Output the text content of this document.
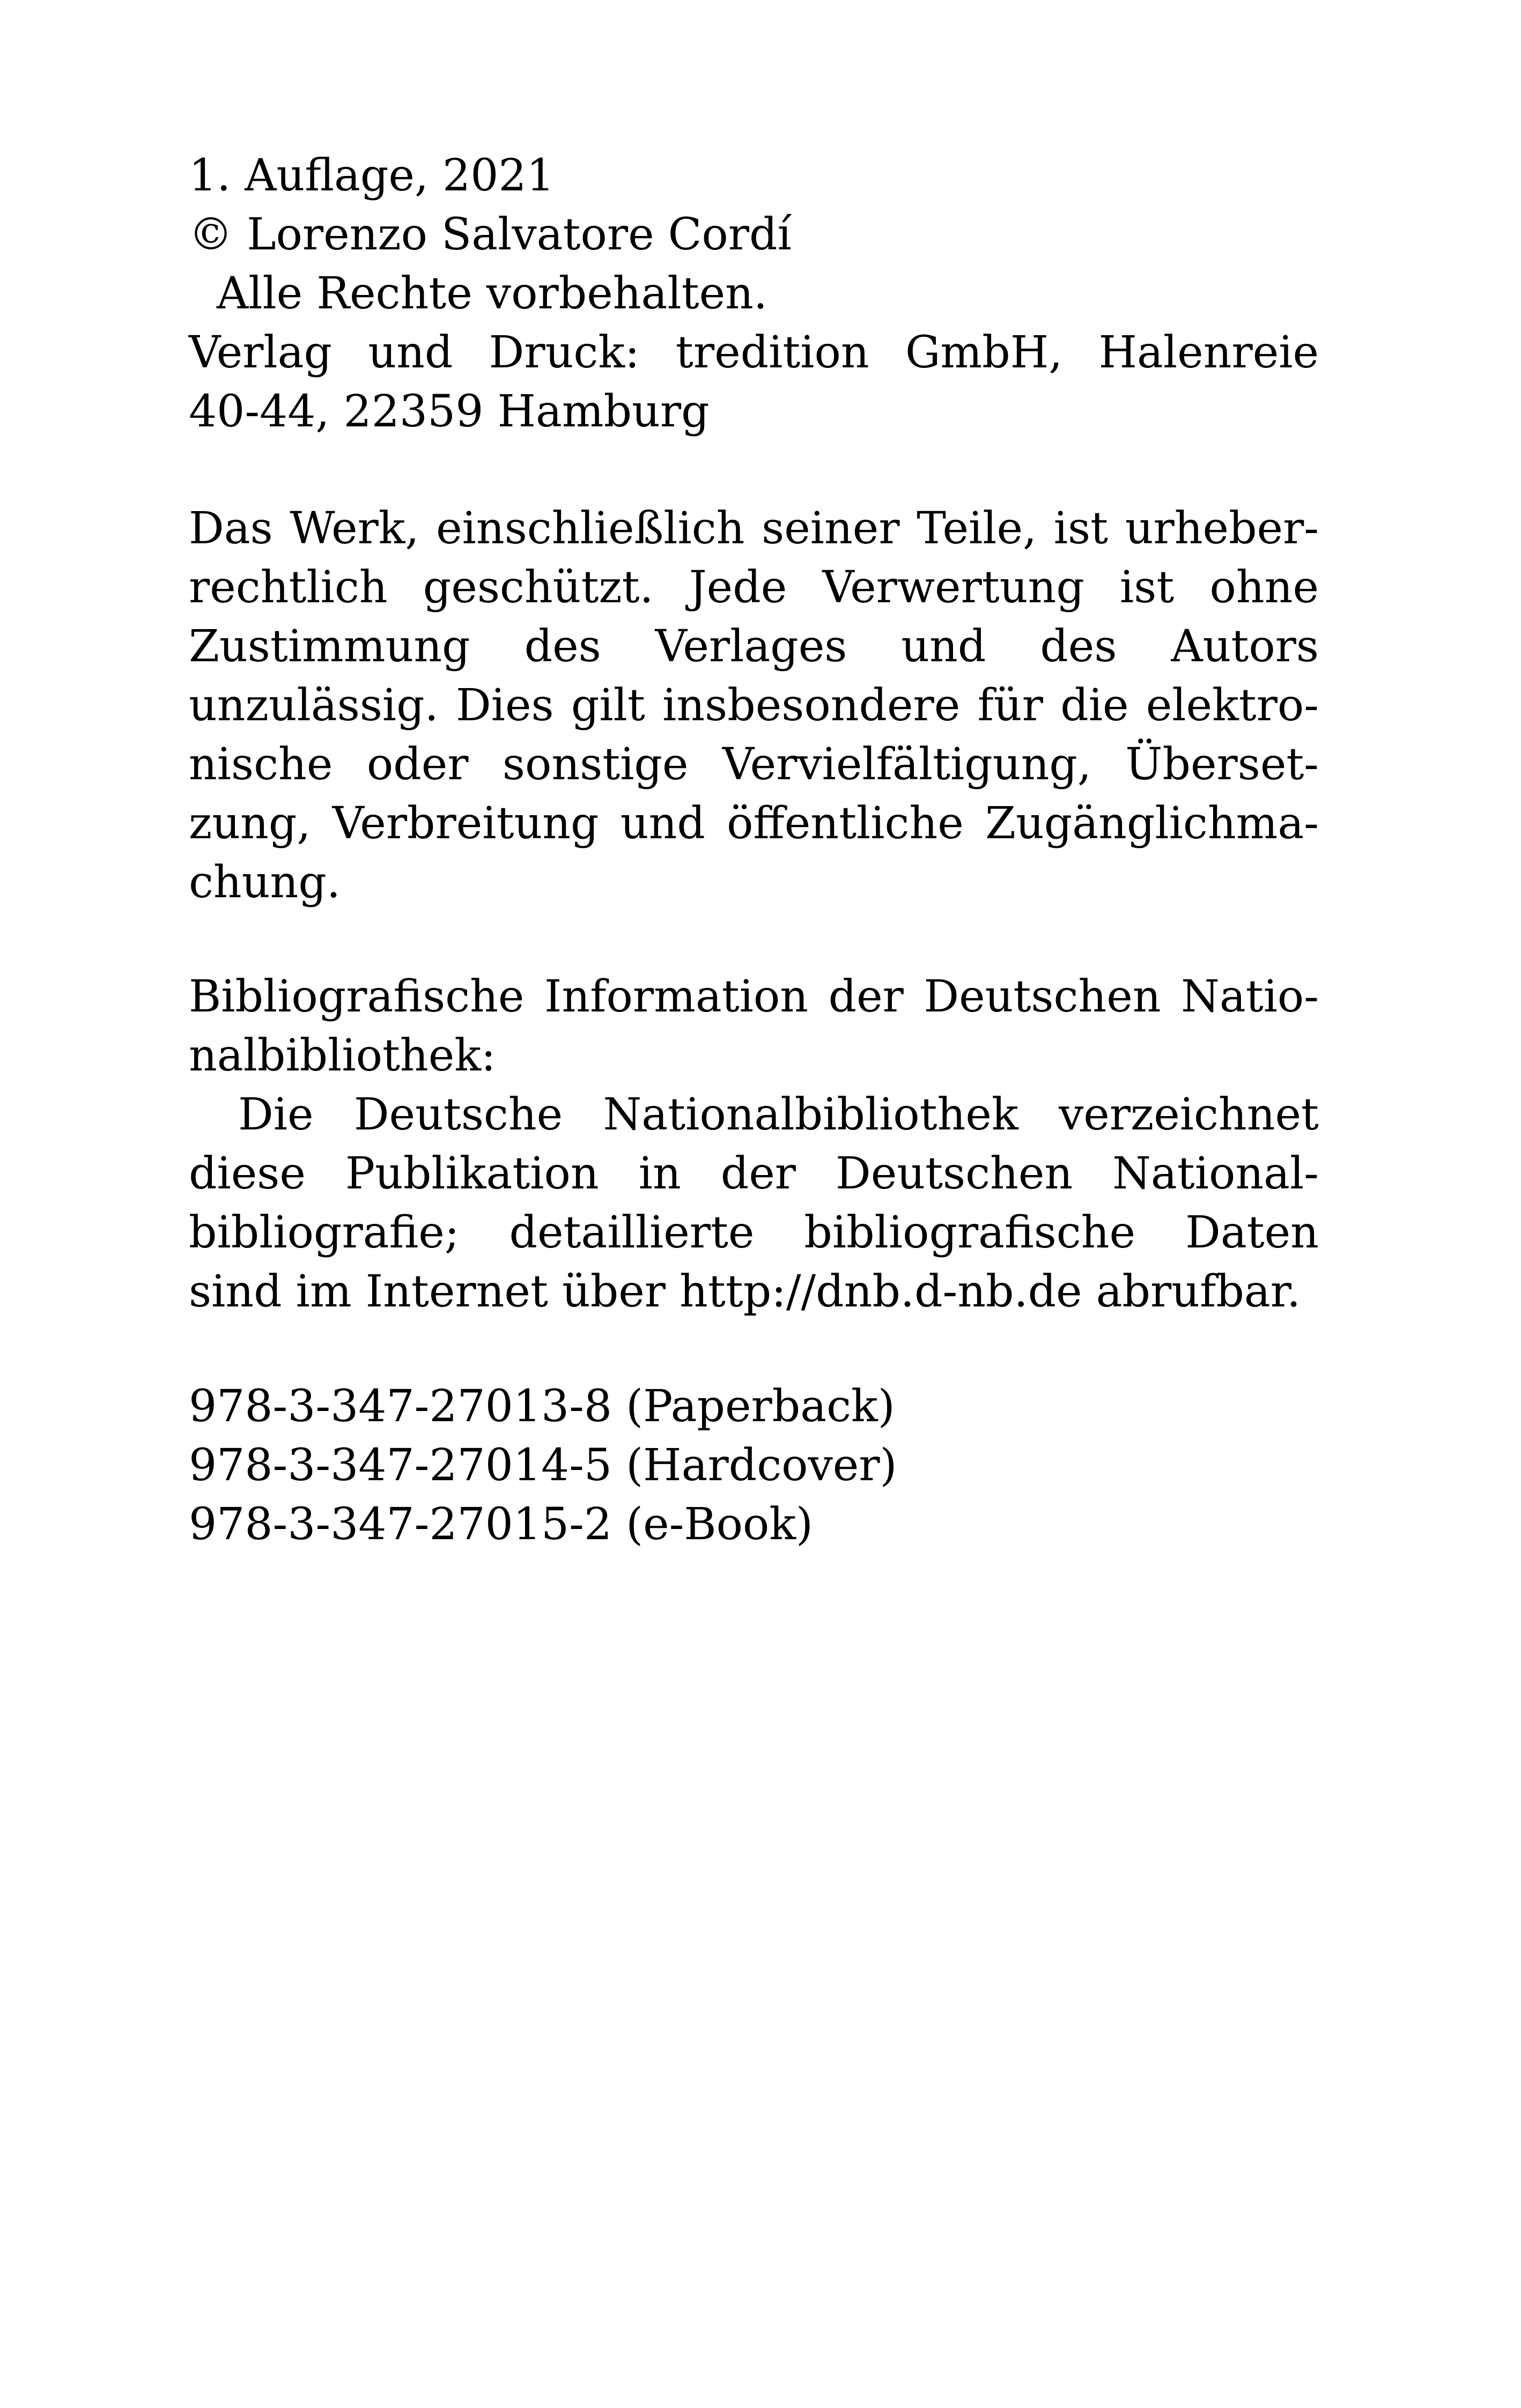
1. Auflage, 2021
© Lorenzo Salvatore Cordí
Alle Rechte vorbehalten.
Verlag und Druck: tredition GmbH, Halenreie
40-44, 22359 Hamburg
Das Werk, einschließlich seiner Teile, ist urheber-
rechtlich geschützt. Jede Verwertung ist ohne
Zustimmung des Verlages und des Autors
unzulässig. Dies gilt insbesondere für die elektro-
nische oder sonstige Vervielfältigung, Überset-
zung, Verbreitung und öffentliche Zugänglichma-
chung.
Bibliografische Information der Deutschen Natio-
nalbibliothek:
Die Deutsche Nationalbibliothek verzeichnet
diese Publikation in der Deutschen National-
bibliografie; detaillierte bibliografische Daten
sind im Internet über http://dnb.d-nb.de abrufbar.
978-3-347-27013-8 (Paperback)
978-3-347-27014-5 (Hardcover)
978-3-347-27015-2 (e-Book)
